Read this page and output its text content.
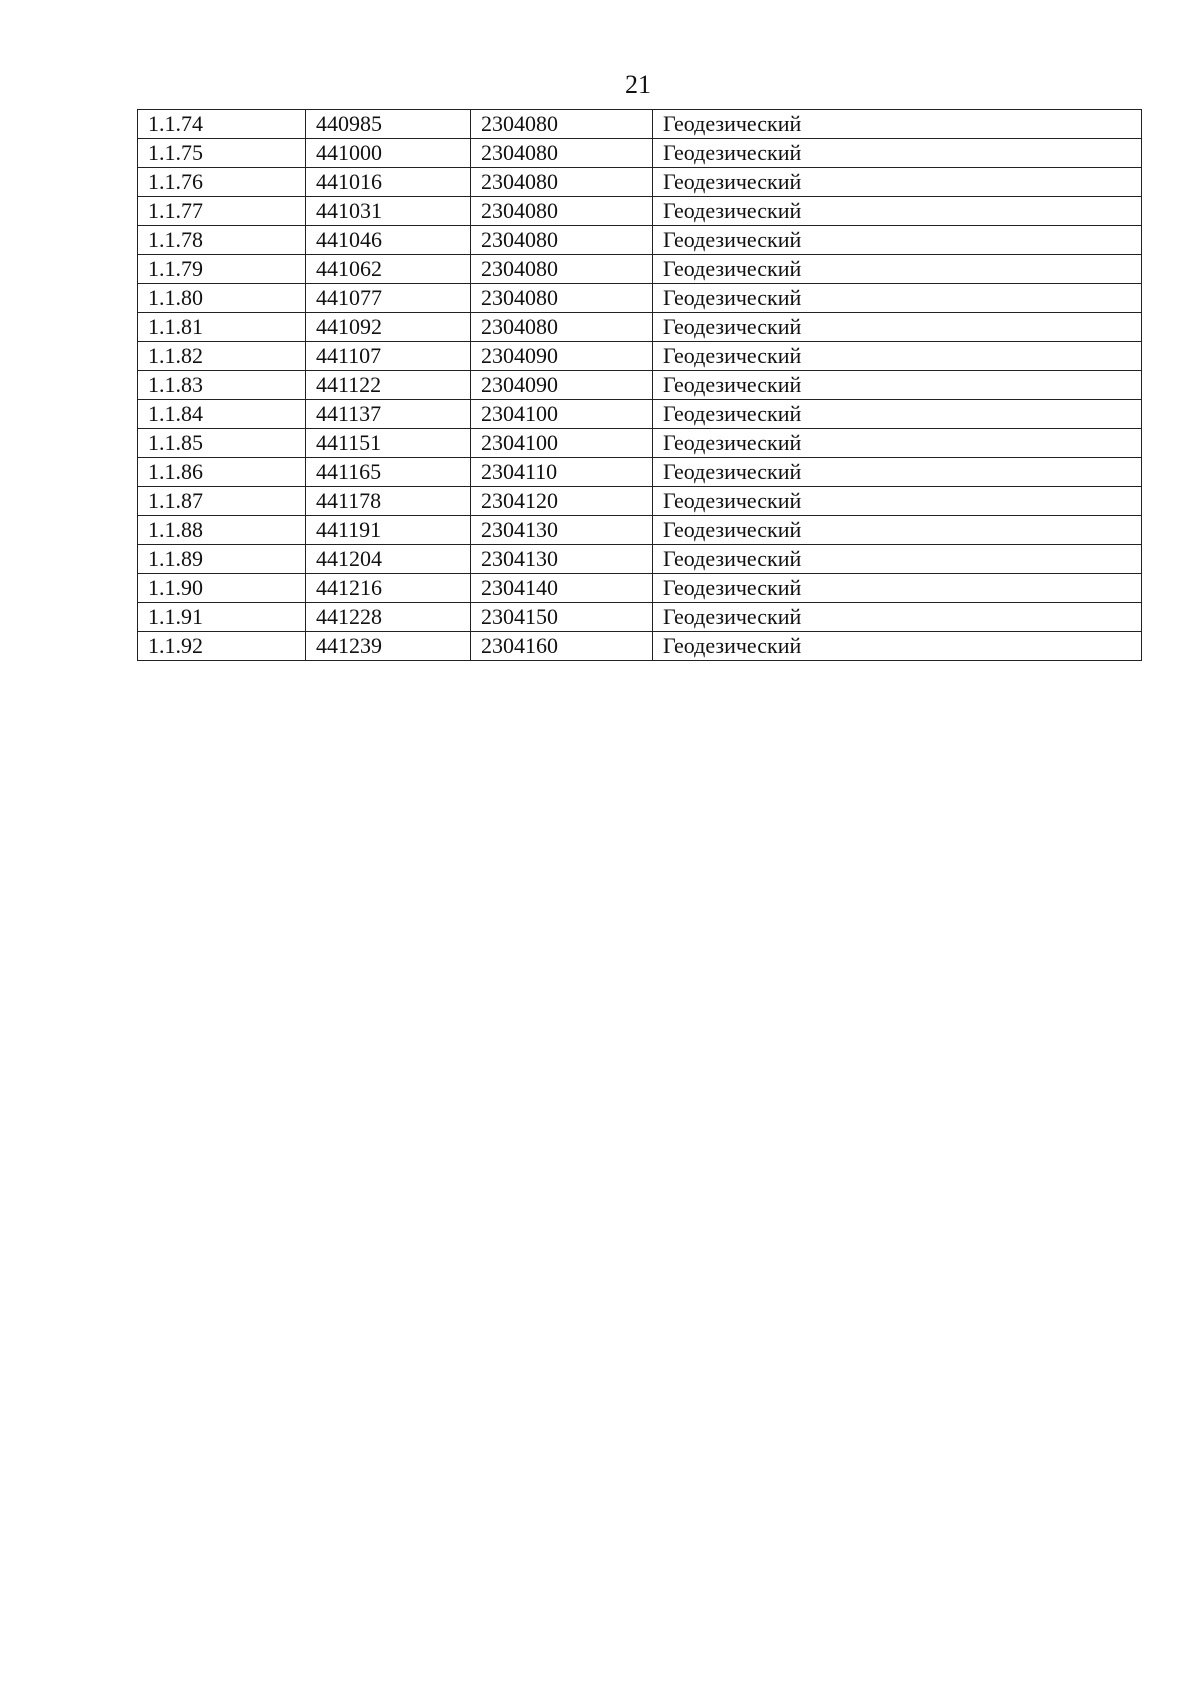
21
1.1.74	440985	2304080	Геодезический
1.1.75	441000	2304080	Геодезический
1.1.76	441016	2304080	Геодезический
1.1.77	441031	2304080	Геодезический
1.1.78	441046	2304080	Геодезический
1.1.79	441062	2304080	Геодезический
1.1.80	441077	2304080	Геодезический
1.1.81	441092	2304080	Геодезический
1.1.82	441107	2304090	Геодезический
1.1.83	441122	2304090	Геодезический
1.1.84	441137	2304100	Геодезический
1.1.85	441151	2304100	Геодезический
1.1.86	441165	2304110	Геодезический
1.1.87	441178	2304120	Геодезический
1.1.88	441191	2304130	Геодезический
1.1.89	441204	2304130	Геодезический
1.1.90	441216	2304140	Геодезический
1.1.91	441228	2304150	Геодезический
1.1.92	441239	2304160	Геодезический
